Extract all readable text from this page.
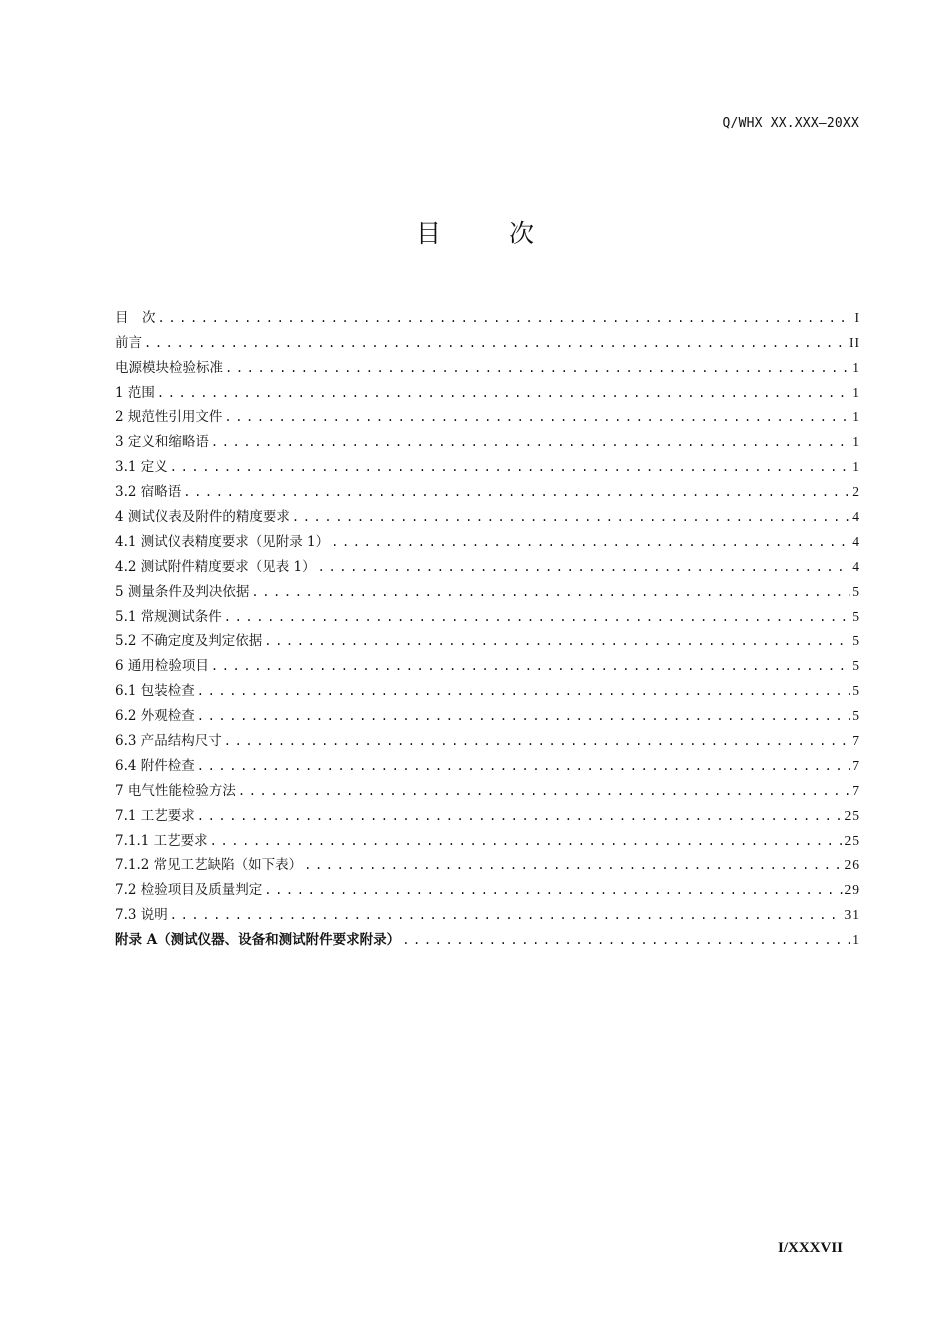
Q/WHX XX.XXX—20XX
目 次
目　次 .....	I
前言 .....	II
电源模块检验标准 .....	1
1 范围 .....	1
2 规范性引用文件 .....	1
3 定义和缩略语 .....	1
3.1 定义 .....	1
3.2 宿略语 .....	2
4 测试仪表及附件的精度要求 .....	4
4.1 测试仪表精度要求（见附录 1） .....	4
4.2 测试附件精度要求（见表 1） .....	4
5 测量条件及判决依据 .....	5
5.1 常规测试条件 .....	5
5.2 不确定度及判定依据 .....	5
6 通用检验项目 .....	5
6.1 包装检查 .....	5
6.2 外观检查 .....	5
6.3 产品结构尺寸 .....	7
6.4 附件检查 .....	7
7 电气性能检验方法 .....	7
7.1 工艺要求 .....	25
7.1.1 工艺要求 .....	25
7.1.2 常见工艺缺陷（如下表） .....	26
7.2 检验项目及质量判定 .....	29
7.3 说明 .....	31
附录 A（测试仪器、设备和测试附件要求附录） .....	1
I/XXXVII
